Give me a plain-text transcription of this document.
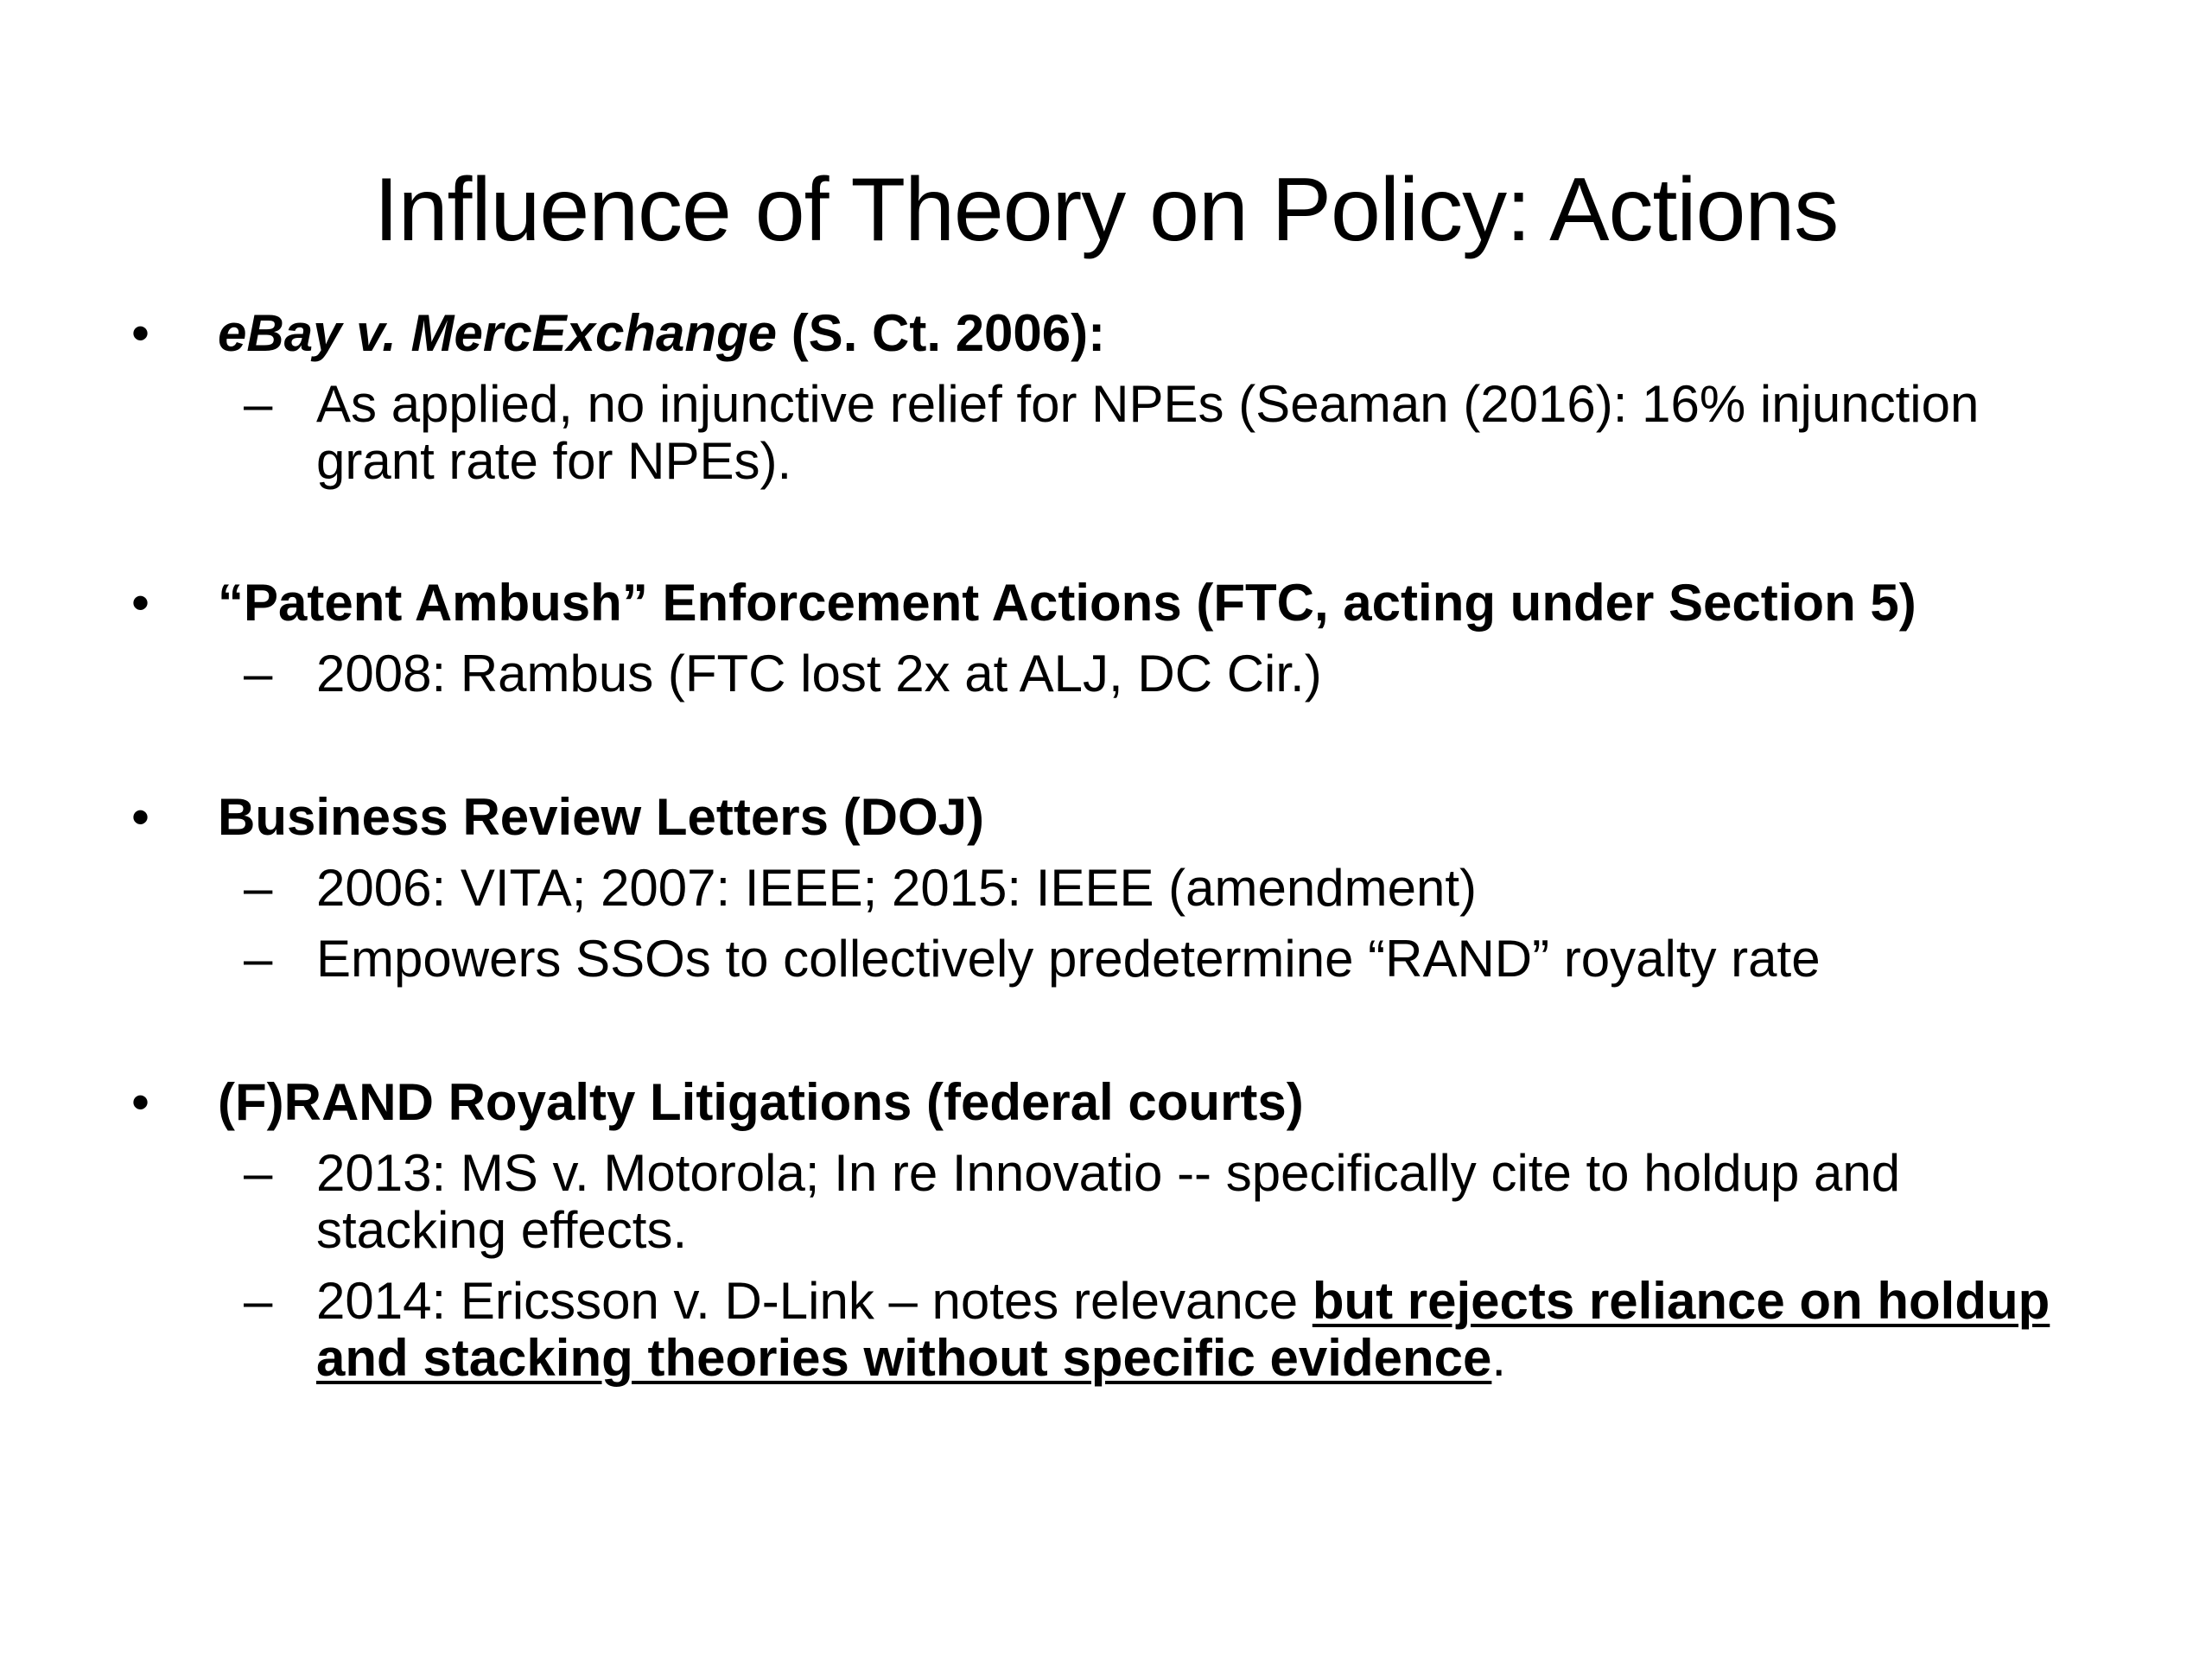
Influence of Theory on Policy: Actions
• eBay v. MercExchange (S. Ct. 2006):
– As applied, no injunctive relief for NPEs (Seaman (2016): 16% injunction
grant rate for NPEs).
• “Patent Ambush” Enforcement Actions (FTC, acting under Section 5)
– 2008: Rambus (FTC lost 2x at ALJ, DC Cir.)
• Business Review Letters (DOJ)
– 2006: VITA; 2007: IEEE; 2015: IEEE (amendment)
– Empowers SSOs to collectively predetermine “RAND” royalty rate
• (F)RAND Royalty Litigations (federal courts)
– 2013: MS v. Motorola; In re Innovatio -- specifically cite to holdup and
stacking effects.
– 2014: Ericsson v. D-Link – notes relevance but rejects reliance on holdup
and stacking theories without specific evidence.
